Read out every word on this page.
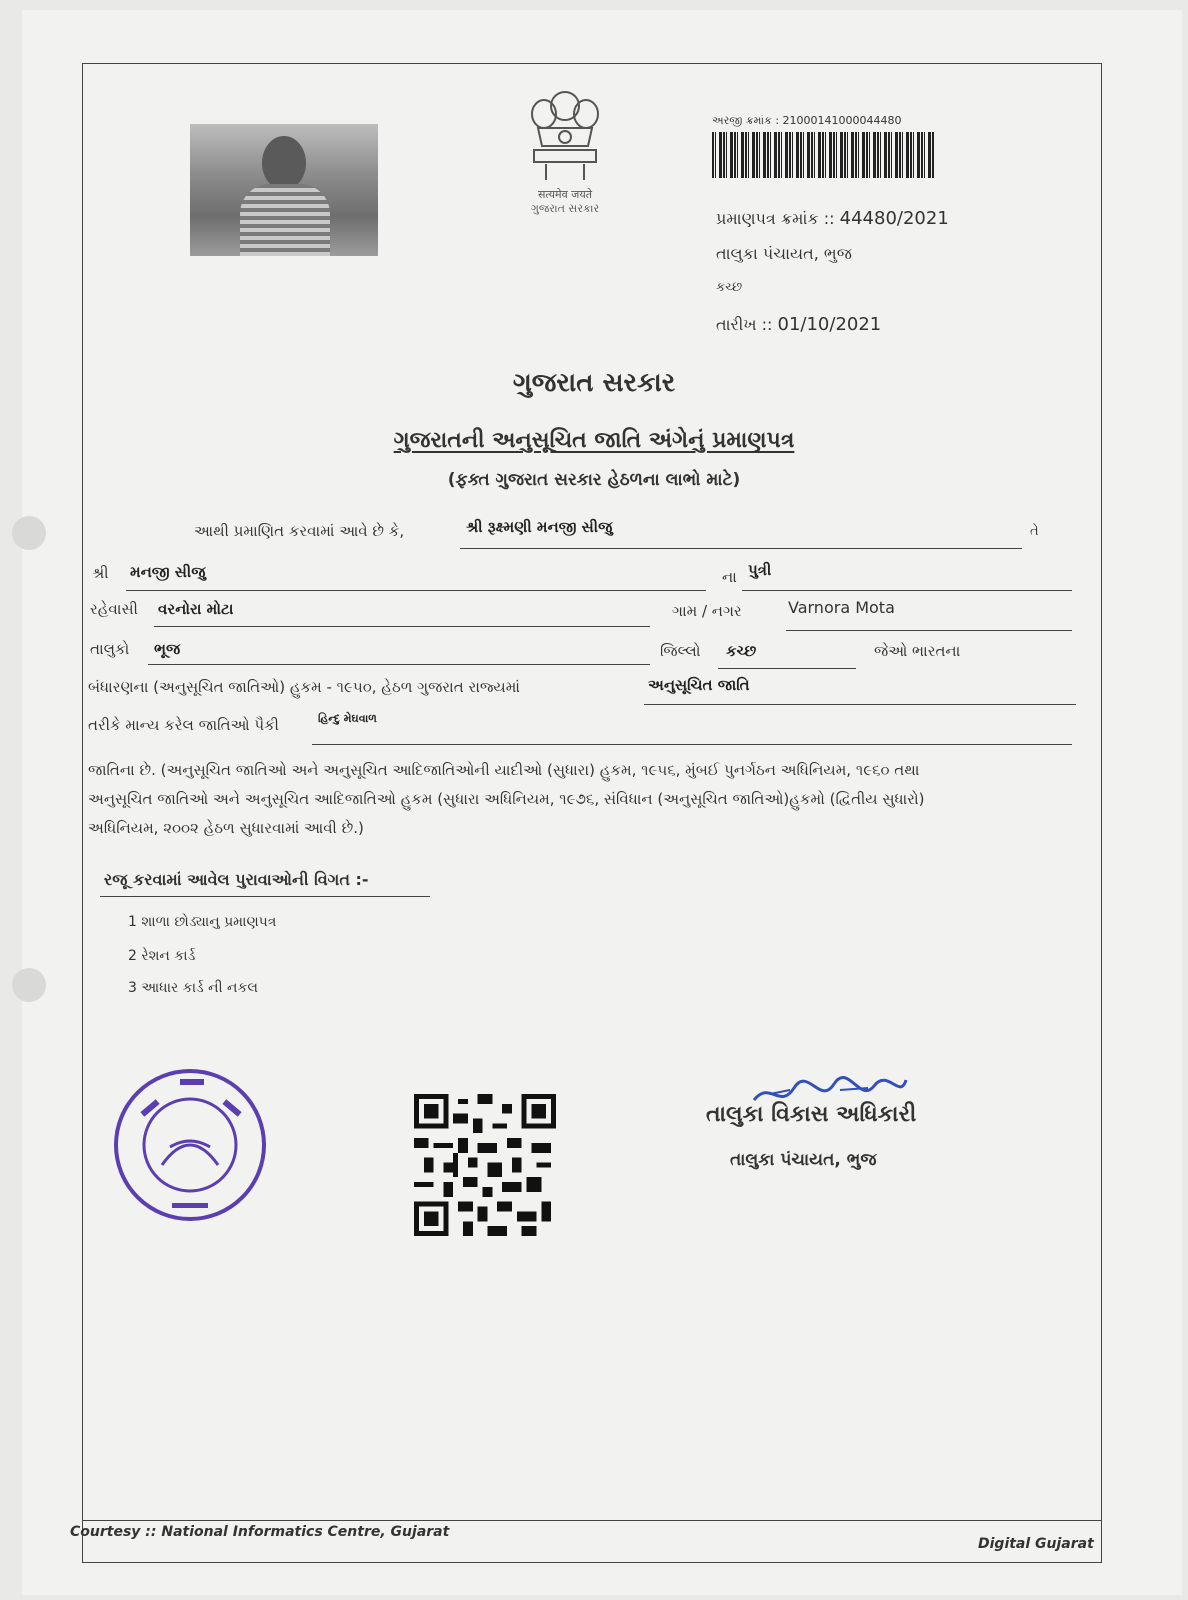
सत्यमेव जयते
ગુજરાત સરકાર
અરજી ક્રમાંક : 21000141000044480
પ્રમાણપત્ર ક્રમાંક :: 44480/2021
તાલુકા પંચાયત, ભુજ
કચ્છ
તારીખ :: 01/10/2021
ગુજરાત સરકાર
ગુજરાતની અનુસૂચિત જાતિ અંગેનું પ્રમાણપત્ર
(ફક્ત ગુજરાત સરકાર હેઠળના લાભો માટે)
આથી પ્રમાણિત કરવામાં આવે છે કે,	શ્રી રૂક્ષ્મણી મનજી સીજુ	તે
શ્રી મનજી સીજુ	ના પુત્રી
રહેવાસી વરનોરા મોટા	ગામ / નગર	Varnora Mota
તાલુકો ભૂજ	જિલ્લો કચ્છ	જેઓ ભારતના
બંધારણના (અનુસૂચિત જાતિઓ) હુકમ - ૧૯૫૦, હેઠળ ગુજરાત રાજ્યમાં	અનુસૂચિત જાતિ
તરીકે માન્ય કરેલ જાતિઓ પૈકી	હિન્દુ મેઘવાળ
જાતિના છે. (અનુસૂચિત જાતિઓ અને અનુસૂચિત આદિજાતિઓની યાદીઓ (સુધારા) હુકમ, ૧૯૫૬, મુંબઈ પુનર્ગઠન અધિનિયમ, ૧૯૬૦ તથા
અનુસૂચિત જાતિઓ અને અનુસૂચિત આદિજાતિઓ હુકમ (સુધારા અધિનિયમ, ૧૯૭૬, સંવિધાન (અનુસૂચિત જાતિઓ)હુકમો (દ્વિતીય સુધારો)
અધિનિયમ, ૨૦૦૨ હેઠળ સુધારવામાં આવી છે.)
રજૂ કરવામાં આવેલ પુરાવાઓની વિગત :-
1 શાળા છોડ્યાનુ પ્રમાણપત્ર
2 રેશન કાર્ડ
3 આધાર કાર્ડ ની નકલ
તાલુકા વિકાસ અધિકારી
તાલુકા પંચાયત, ભુજ
Courtesy :: National Informatics Centre, Gujarat
Digital Gujarat
